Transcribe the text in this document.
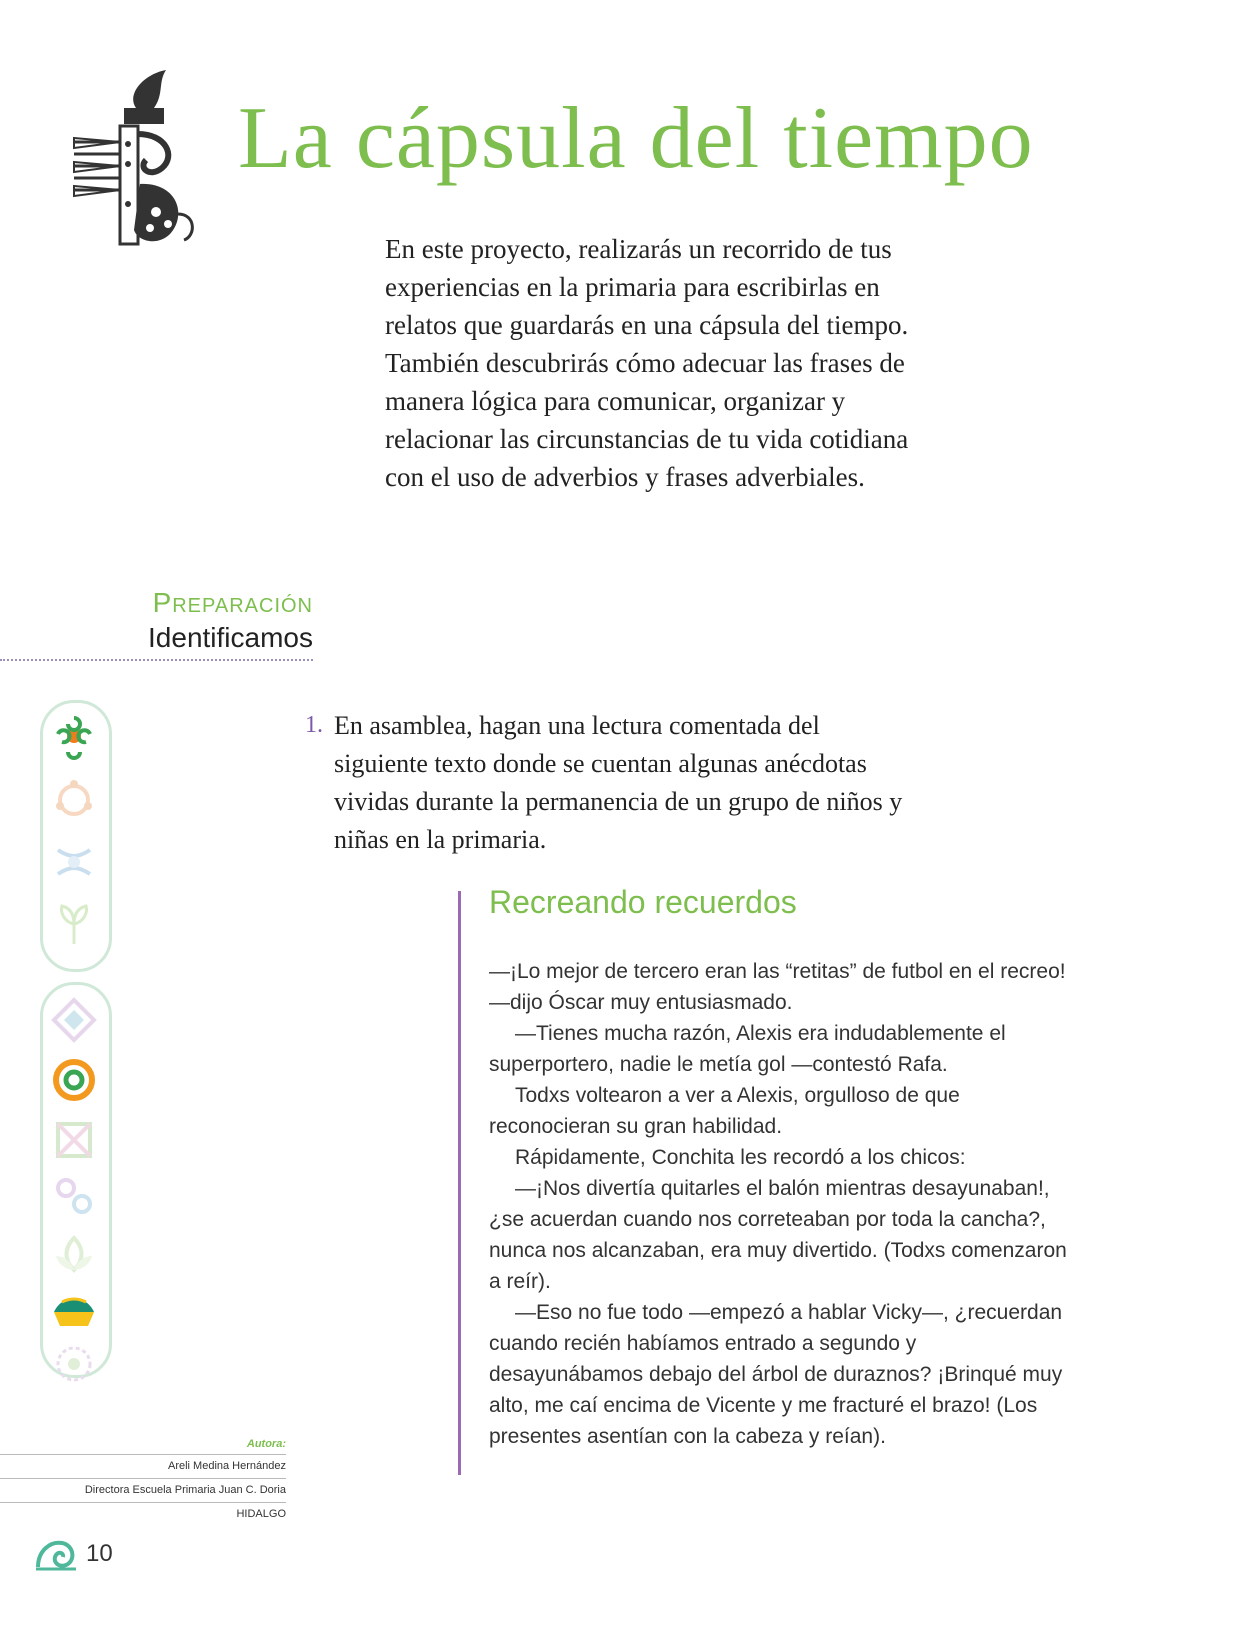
La cápsula del tiempo
En este proyecto, realizarás un recorrido de tus experiencias en la primaria para escribirlas en relatos que guardarás en una cápsula del tiempo. También descubrirás cómo adecuar las frases de manera lógica para comunicar, organizar y relacionar las circunstancias de tu vida cotidiana con el uso de adverbios y frases adverbiales.
Preparación
Identificamos
1. En asamblea, hagan una lectura comentada del siguiente texto donde se cuentan algunas anécdotas vividas durante la permanencia de un grupo de niños y niñas en la primaria.
Recreando recuerdos

—¡Lo mejor de tercero eran las “retitas” de futbol en el recreo! —dijo Óscar muy entusiasmado.

—Tienes mucha razón, Alexis era indudablemente el superportero, nadie le metía gol —contestó Rafa.

Todxs voltearon a ver a Alexis, orgulloso de que reconocieran su gran habilidad.

Rápidamente, Conchita les recordó a los chicos:

—¡Nos divertía quitarles el balón mientras desayunaban!, ¿se acuerdan cuando nos correteaban por toda la cancha?, nunca nos alcanzaban, era muy divertido. (Todxs comenzaron a reír).

—Eso no fue todo —empezó a hablar Vicky—, ¿recuerdan cuando recién habíamos entrado a segundo y desayunábamos debajo del árbol de duraznos? ¡Brinqué muy alto, me caí encima de Vicente y me fracturé el brazo! (Los presentes asentían con la cabeza y reían).

Autora:
Areli Medina Hernández
Directora Escuela Primaria Juan C. Doria
HIDALGO
10
